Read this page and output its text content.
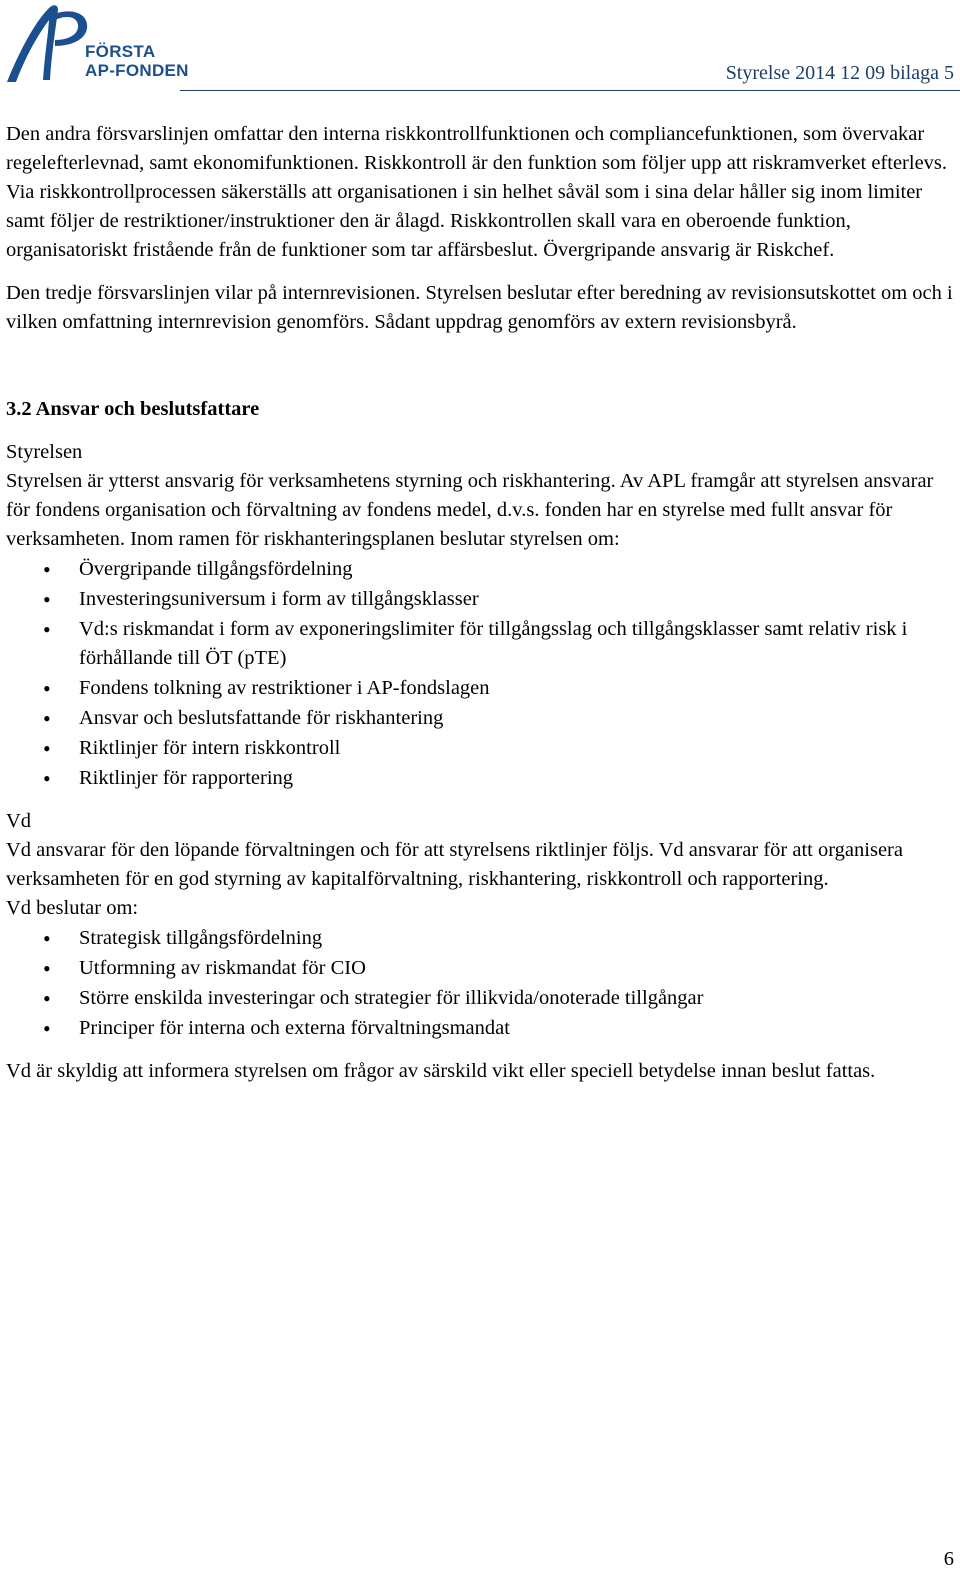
FÖRSTA
AP-FONDEN	Styrelse 2014 12 09 bilaga 5

Den andra försvarslinjen omfattar den interna riskkontrollfunktionen och compliancefunktionen, som övervakar regelefterlevnad, samt ekonomifunktionen. Riskkontroll är den funktion som följer upp att riskramverket efterlevs. Via riskkontrollprocessen säkerställs att organisationen i sin helhet såväl som i sina delar håller sig inom limiter samt följer de restriktioner/instruktioner den är ålagd. Riskkontrollen skall vara en oberoende funktion, organisatoriskt fristående från de funktioner som tar affärsbeslut. Övergripande ansvarig är Riskchef.

Den tredje försvarslinjen vilar på internrevisionen. Styrelsen beslutar efter beredning av revisionsutskottet om och i vilken omfattning internrevision genomförs. Sådant uppdrag genomförs av extern revisionsbyrå.

3.2 Ansvar och beslutsfattare

Styrelsen

Styrelsen är ytterst ansvarig för verksamhetens styrning och riskhantering. Av APL framgår att styrelsen ansvarar för fondens organisation och förvaltning av fondens medel, d.v.s. fonden har en styrelse med fullt ansvar för verksamheten. Inom ramen för riskhanteringsplanen beslutar styrelsen om:

• Övergripande tillgångsfördelning
• Investeringsuniversum i form av tillgångsklasser
• Vd:s riskmandat i form av exponeringslimiter för tillgångsslag och tillgångsklasser samt relativ risk i förhållande till ÖT (pTE)
• Fondens tolkning av restriktioner i AP-fondslagen
• Ansvar och beslutsfattande för riskhantering
• Riktlinjer för intern riskkontroll
• Riktlinjer för rapportering

Vd

Vd ansvarar för den löpande förvaltningen och för att styrelsens riktlinjer följs. Vd ansvarar för att organisera verksamheten för en god styrning av kapitalförvaltning, riskhantering, riskkontroll och rapportering.

Vd beslutar om:

• Strategisk tillgångsfördelning
• Utformning av riskmandat för CIO
• Större enskilda investeringar och strategier för illikvida/onoterade tillgångar
• Principer för interna och externa förvaltningsmandat

Vd är skyldig att informera styrelsen om frågor av särskild vikt eller speciell betydelse innan beslut fattas.

6
